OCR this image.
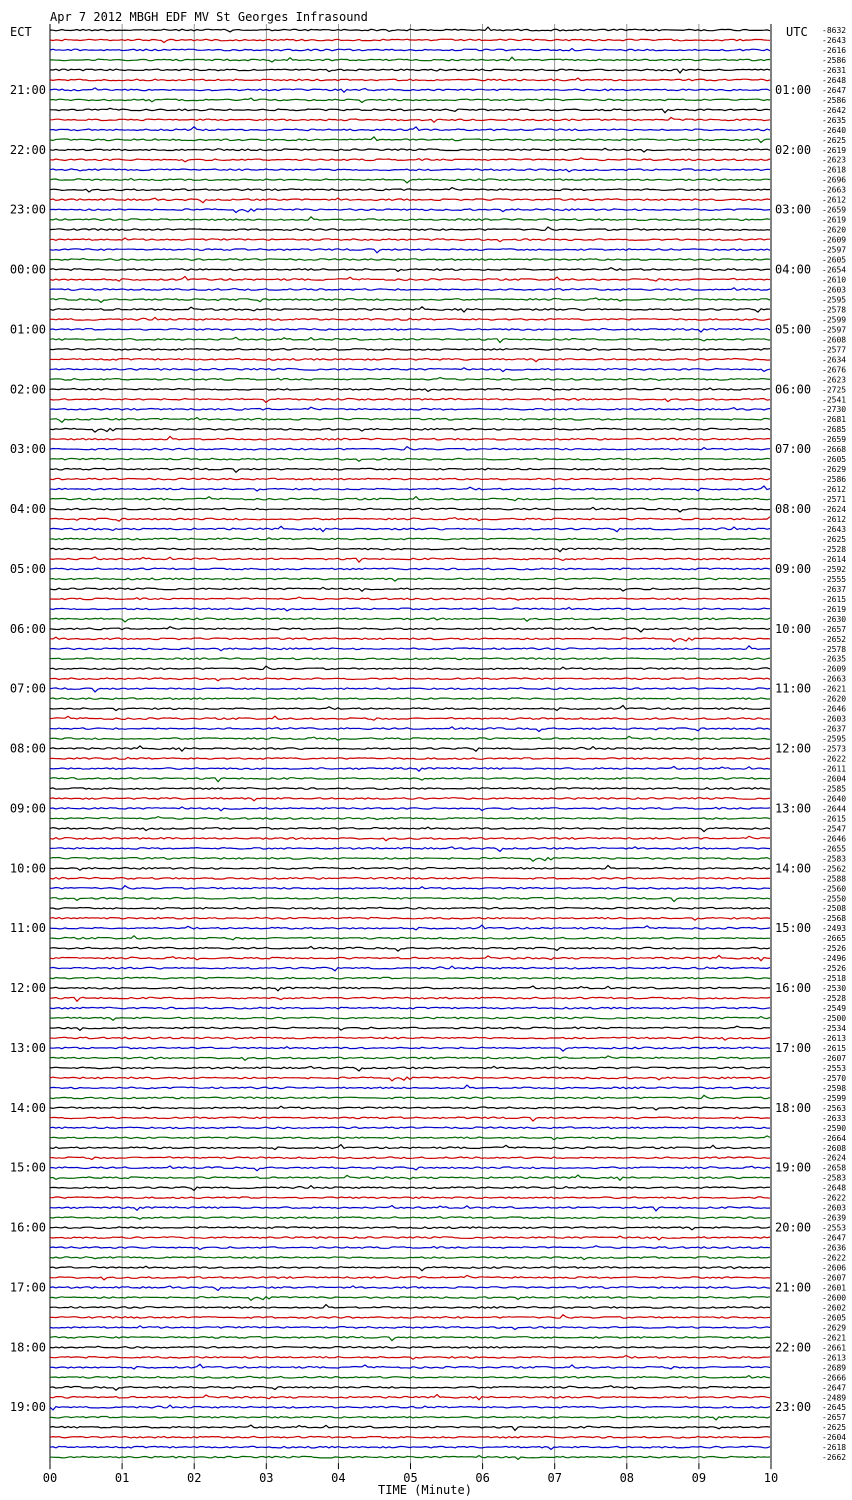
Apr 7 2012 MBGH EDF MV St Georges Infrasound
ECT	UTC
21:00
22:00
23:00
00:00
01:00
02:00
03:00
04:00
05:00
06:00
07:00
08:00
09:00
10:00
11:00
12:00
13:00
14:00
15:00
16:00
17:00
18:00
19:00
01:00
02:00
03:00
04:00
05:00
06:00
07:00
08:00
09:00
10:00
11:00
12:00
13:00
14:00
15:00
16:00
17:00
18:00
19:00
20:00
21:00
22:00
23:00
-8632
-2643
-2616
-2586
-2631
-2648
-2647
-2586
-2642
-2635
-2640
-2625
-2619
-2623
-2618
-2696
-2663
-2612
-2659
-2619
-2620
-2609
-2597
-2605
-2654
-2610
-2603
-2595
-2578
-2599
-2597
-2608
-2577
-2634
-2676
-2623
-2725
-2541
-2730
-2681
-2685
-2659
-2668
-2605
-2629
-2586
-2612
-2571
-2624
-2612
-2643
-2625
-2528
-2614
-2592
-2555
-2637
-2615
-2619
-2630
-2657
-2652
-2578
-2635
-2609
-2663
-2621
-2620
-2646
-2603
-2637
-2595
-2573
-2622
-2611
-2604
-2585
-2640
-2644
-2615
-2547
-2646
-2655
-2583
-2562
-2588
-2560
-2550
-2508
-2568
-2493
-2665
-2526
-2496
-2526
-2518
-2530
-2528
-2549
-2500
-2534
-2613
-2615
-2607
-2553
-2570
-2598
-2599
-2563
-2633
-2590
-2664
-2608
-2624
-2658
-2583
-2648
-2622
-2603
-2639
-2553
-2647
-2636
-2622
-2606
-2607
-2601
-2600
-2602
-2605
-2629
-2621
-2661
-2613
-2689
-2666
-2647
-2489
-2645
-2657
-2625
-2604
-2618
-2662
00	01	02	03	04	05	06	07	08	09	10
TIME (Minute)
